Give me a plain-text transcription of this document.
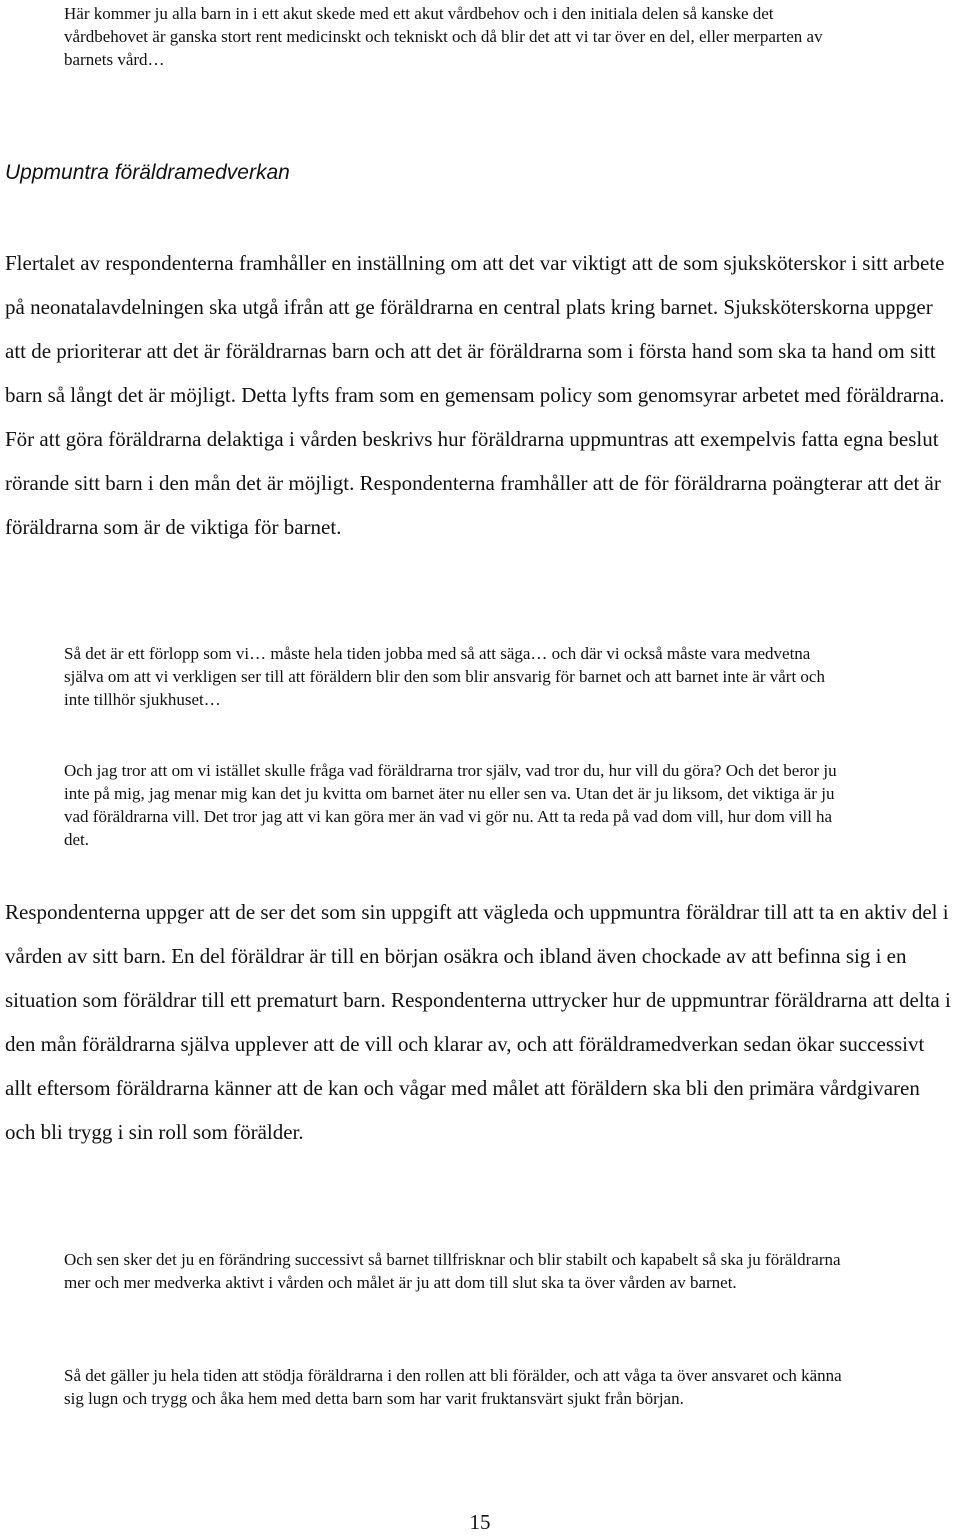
Här kommer ju alla barn in i ett akut skede med ett akut vårdbehov och i den initiala delen så kanske det vårdbehovet är ganska stort rent medicinskt och tekniskt och då blir det att vi tar över en del, eller merparten av barnets vård…

Uppmuntra föräldramedverkan

Flertalet av respondenterna framhåller en inställning om att det var viktigt att de som sjuksköterskor i sitt arbete på neonatalavdelningen ska utgå ifrån att ge föräldrarna en central plats kring barnet. Sjuksköterskorna uppger att de prioriterar att det är föräldrarnas barn och att det är föräldrarna som i första hand som ska ta hand om sitt barn så långt det är möjligt. Detta lyfts fram som en gemensam policy som genomsyrar arbetet med föräldrarna. För att göra föräldrarna delaktiga i vården beskrivs hur föräldrarna uppmuntras att exempelvis fatta egna beslut rörande sitt barn i den mån det är möjligt. Respondenterna framhåller att de för föräldrarna poängterar att det är föräldrarna som är de viktiga för barnet.

Så det är ett förlopp som vi… måste hela tiden jobba med så att säga… och där vi också måste vara medvetna själva om att vi verkligen ser till att föräldern blir den som blir ansvarig för barnet och att barnet inte är vårt och inte tillhör sjukhuset…

Och jag tror att om vi istället skulle fråga vad föräldrarna tror själv, vad tror du, hur vill du göra? Och det beror ju inte på mig, jag menar mig kan det ju kvitta om barnet äter nu eller sen va. Utan det är ju liksom, det viktiga är ju vad föräldrarna vill. Det tror jag att vi kan göra mer än vad vi gör nu. Att ta reda på vad dom vill, hur dom vill ha det.

Respondenterna uppger att de ser det som sin uppgift att vägleda och uppmuntra föräldrar till att ta en aktiv del i vården av sitt barn. En del föräldrar är till en början osäkra och ibland även chockade av att befinna sig i en situation som föräldrar till ett prematurt barn. Respondenterna uttrycker hur de uppmuntrar föräldrarna att delta i den mån föräldrarna själva upplever att de vill och klarar av, och att föräldramedverkan sedan ökar successivt allt eftersom föräldrarna känner att de kan och vågar med målet att föräldern ska bli den primära vårdgivaren och bli trygg i sin roll som förälder.

Och sen sker det ju en förändring successivt så barnet tillfrisknar och blir stabilt och kapabelt så ska ju föräldrarna mer och mer medverka aktivt i vården och målet är ju att dom till slut ska ta över vården av barnet.

Så det gäller ju hela tiden att stödja föräldrarna i den rollen att bli förälder, och att våga ta över ansvaret och känna sig lugn och trygg och åka hem med detta barn som har varit fruktansvärt sjukt från början.

15
